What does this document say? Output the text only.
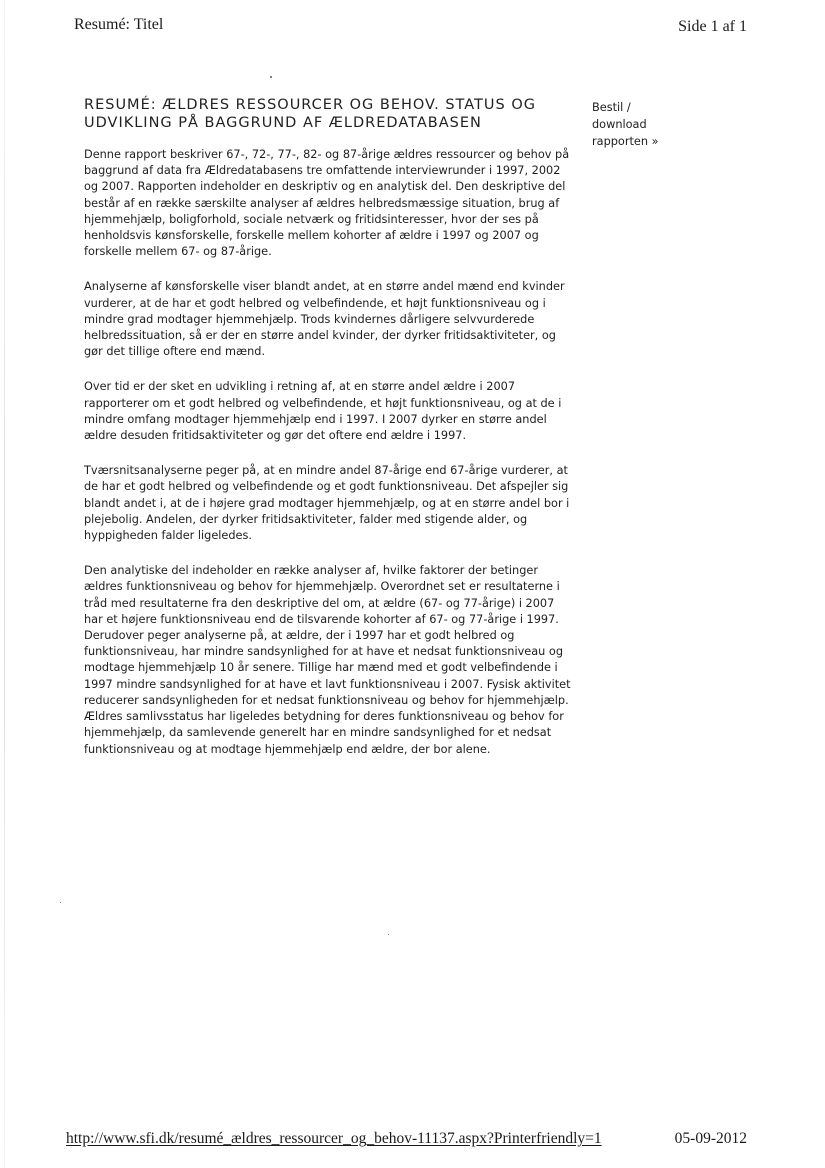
Resumé: Titel	Side 1 af 1
RESUMÉ: ÆLDRES RESSOURCER OG BEHOV. STATUS OG UDVIKLING PÅ BAGGRUND AF ÆLDREDATABASEN

Denne rapport beskriver 67-, 72-, 77-, 82- og 87-årige ældres ressourcer og behov på baggrund af data fra Ældredatabasens tre omfattende interviewrunder i 1997, 2002 og 2007. Rapporten indeholder en deskriptiv og en analytisk del. Den deskriptive del består af en række særskilte analyser af ældres helbredsmæssige situation, brug af hjemmehjælp, boligforhold, sociale netværk og fritidsinteresser, hvor der ses på henholdsvis kønsforskelle, forskelle mellem kohorter af ældre i 1997 og 2007 og forskelle mellem 67- og 87-årige.

Analyserne af kønsforskelle viser blandt andet, at en større andel mænd end kvinder vurderer, at de har et godt helbred og velbefindende, et højt funktionsniveau og i mindre grad modtager hjemmehjælp. Trods kvindernes dårligere selvvurderede helbredssituation, så er der en større andel kvinder, der dyrker fritidsaktiviteter, og gør det tillige oftere end mænd.

Over tid er der sket en udvikling i retning af, at en større andel ældre i 2007 rapporterer om et godt helbred og velbefindende, et højt funktionsniveau, og at de i mindre omfang modtager hjemmehjælp end i 1997. I 2007 dyrker en større andel ældre desuden fritidsaktiviteter og gør det oftere end ældre i 1997.

Tværsnitsanalyserne peger på, at en mindre andel 87-årige end 67-årige vurderer, at de har et godt helbred og velbefindende og et godt funktionsniveau. Det afspejler sig blandt andet i, at de i højere grad modtager hjemmehjælp, og at en større andel bor i plejebolig. Andelen, der dyrker fritidsaktiviteter, falder med stigende alder, og hyppigheden falder ligeledes.

Den analytiske del indeholder en række analyser af, hvilke faktorer der betinger ældres funktionsniveau og behov for hjemmehjælp. Overordnet set er resultaterne i tråd med resultaterne fra den deskriptive del om, at ældre (67- og 77-årige) i 2007 har et højere funktionsniveau end de tilsvarende kohorter af 67- og 77-årige i 1997. Derudover peger analyserne på, at ældre, der i 1997 har et godt helbred og funktionsniveau, har mindre sandsynlighed for at have et nedsat funktionsniveau og modtage hjemmehjælp 10 år senere. Tillige har mænd med et godt velbefindende i 1997 mindre sandsynlighed for at have et lavt funktionsniveau i 2007. Fysisk aktivitet reducerer sandsynligheden for et nedsat funktionsniveau og behov for hjemmehjælp. Ældres samlivsstatus har ligeledes betydning for deres funktionsniveau og behov for hjemmehjælp, da samlevende generelt har en mindre sandsynlighed for et nedsat funktionsniveau og at modtage hjemmehjælp end ældre, der bor alene.

Bestil /
download
rapporten »
http://www.sfi.dk/resumé_ældres_ressourcer_og_behov-11137.aspx?Printerfriendly=1	05-09-2012
